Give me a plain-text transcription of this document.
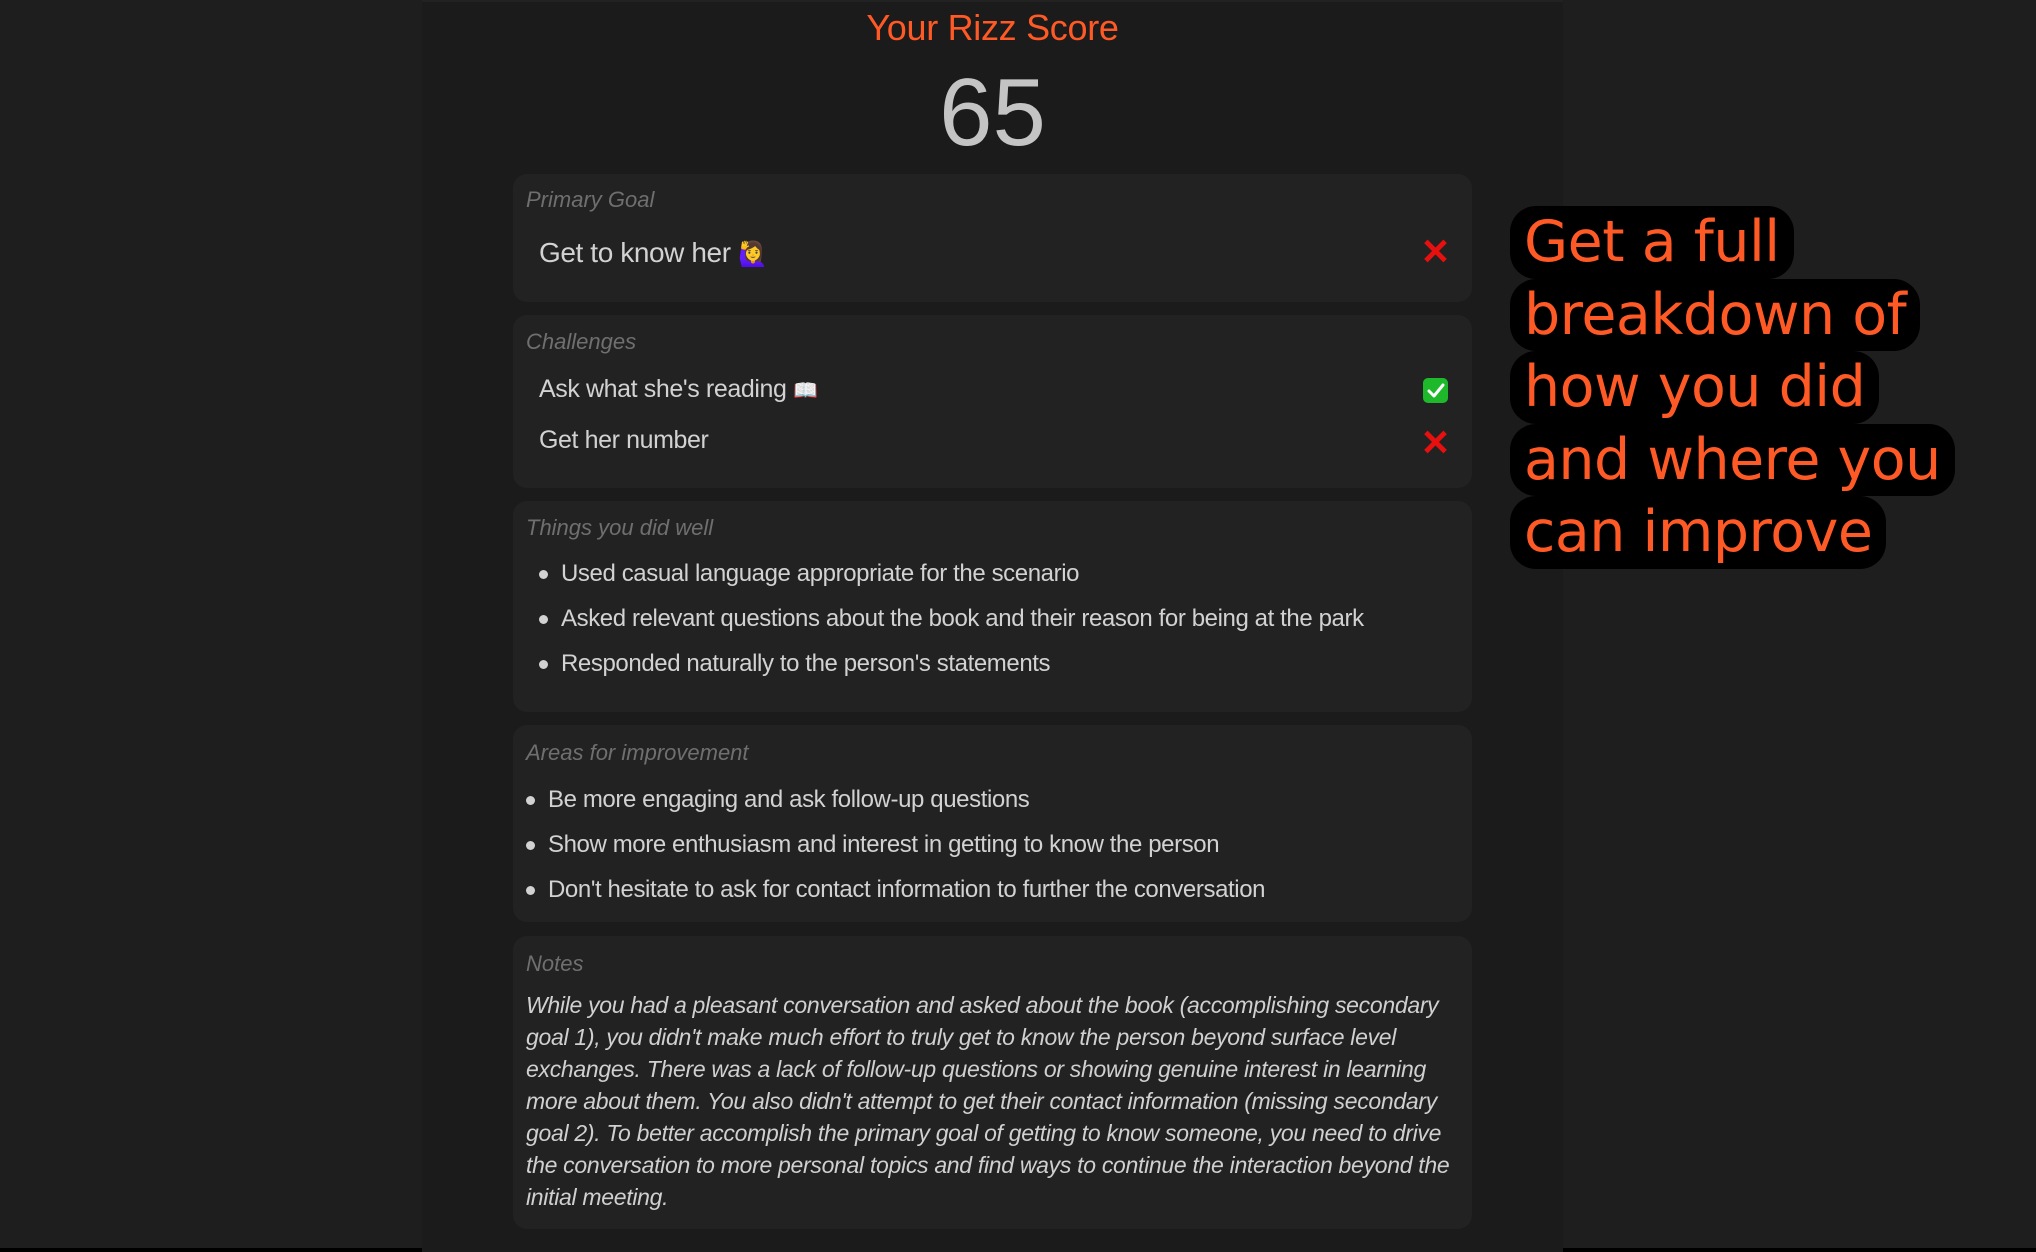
Your Rizz Score
65
Primary Goal
Get to know her 🙋‍♀️
Challenges
Ask what she's reading 📖
Get her number
Things you did well
Used casual language appropriate for the scenario
Asked relevant questions about the book and their reason for being at the park
Responded naturally to the person's statements
Areas for improvement
Be more engaging and ask follow-up questions
Show more enthusiasm and interest in getting to know the person
Don't hesitate to ask for contact information to further the conversation
Notes
While you had a pleasant conversation and asked about the book (accomplishing secondary goal 1), you didn't make much effort to truly get to know the person beyond surface level exchanges. There was a lack of follow-up questions or showing genuine interest in learning more about them. You also didn't attempt to get their contact information (missing secondary goal 2). To better accomplish the primary goal of getting to know someone, you need to drive the conversation to more personal topics and find ways to continue the interaction beyond the initial meeting.
Get a full
breakdown of
how you did
and where you
can improve
